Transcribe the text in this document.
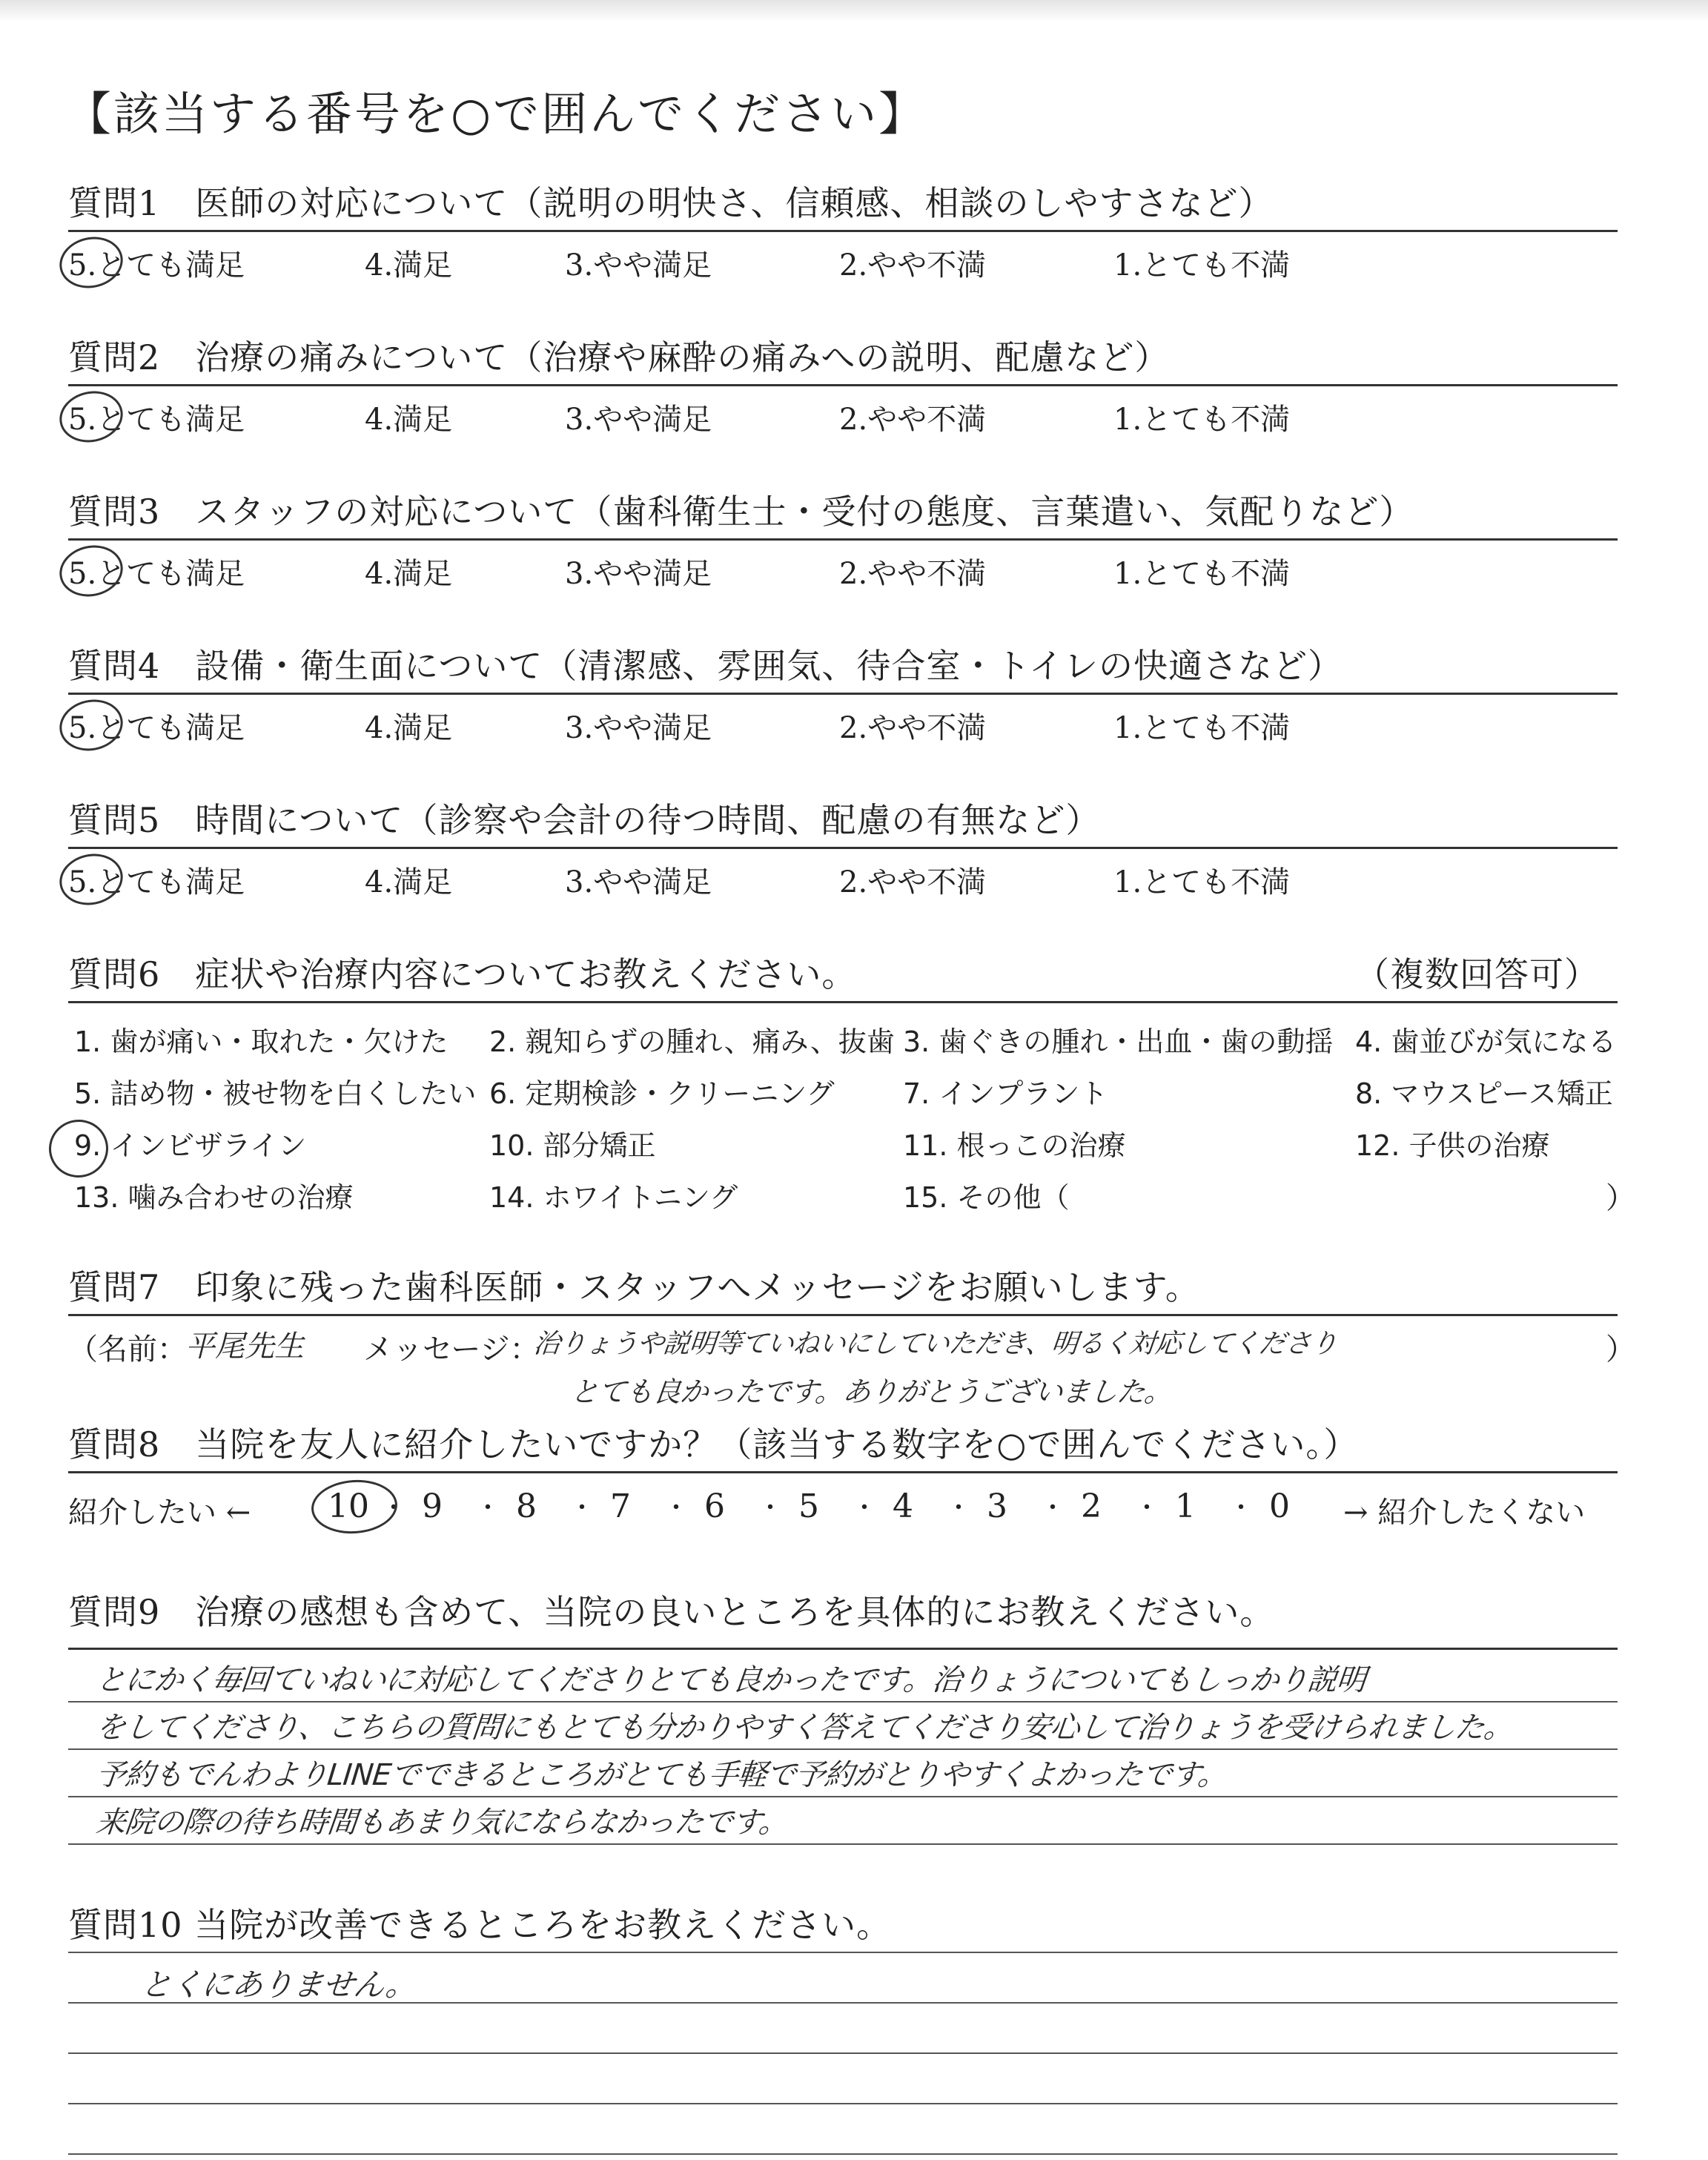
【該当する番号を○で囲んでください】
質問1　医師の対応について（説明の明快さ、信頼感、相談のしやすさなど）
5.とても満足	4.満足	3.やや満足	2.やや不満	1.とても不満
質問2　治療の痛みについて（治療や麻酔の痛みへの説明、配慮など）
5.とても満足	4.満足	3.やや満足	2.やや不満	1.とても不満
質問3　スタッフの対応について（歯科衛生士・受付の態度、言葉遣い、気配りなど）
5.とても満足	4.満足	3.やや満足	2.やや不満	1.とても不満
質問4　設備・衛生面について（清潔感、雰囲気、待合室・トイレの快適さなど）
5.とても満足	4.満足	3.やや満足	2.やや不満	1.とても不満
質問5　時間について（診察や会計の待つ時間、配慮の有無など）
5.とても満足	4.満足	3.やや満足	2.やや不満	1.とても不満
質問6　症状や治療内容についてお教えください。	（複数回答可）
1. 歯が痛い・取れた・欠けた 2. 親知らずの腫れ、痛み、抜歯 3. 歯ぐきの腫れ・出血・歯の動揺 4. 歯並びが気になる
5. 詰め物・被せ物を白くしたい 6. 定期検診・クリーニング 7. インプラント	8. マウスピース矯正
9. インビザライン	10. 部分矯正	11. 根っこの治療	12. 子供の治療
13. 噛み合わせの治療	14. ホワイトニング	15. その他（	）
質問7　印象に残った歯科医師・スタッフへメッセージをお願いします。
（名前：
平尾先生 メッセージ：
治りょうや説明等ていねいにしていただき、明るく対応してくださり	）
とても良かったです。ありがとうございました。
質問8　当院を友人に紹介したいですか？（該当する数字を○で囲んでください。）
紹介したい ←	→ 紹介したくない
10 ・ 9 ・ 8 ・ 7 ・ 6 ・ 5 ・ 4 ・ 3 ・ 2 ・ 1 ・ 0
質問9　治療の感想も含めて、当院の良いところを具体的にお教えください。
とにかく毎回ていねいに対応してくださりとても良かったです。治りょうについてもしっかり説明
をしてくださり、こちらの質問にもとても分かりやすく答えてくださり安心して治りょうを受けられました。
予約もでんわよりLINEでできるところがとても手軽で予約がとりやすくよかったです。
来院の際の待ち時間もあまり気にならなかったです。
質問10 当院が改善できるところをお教えください。
とくにありません。
